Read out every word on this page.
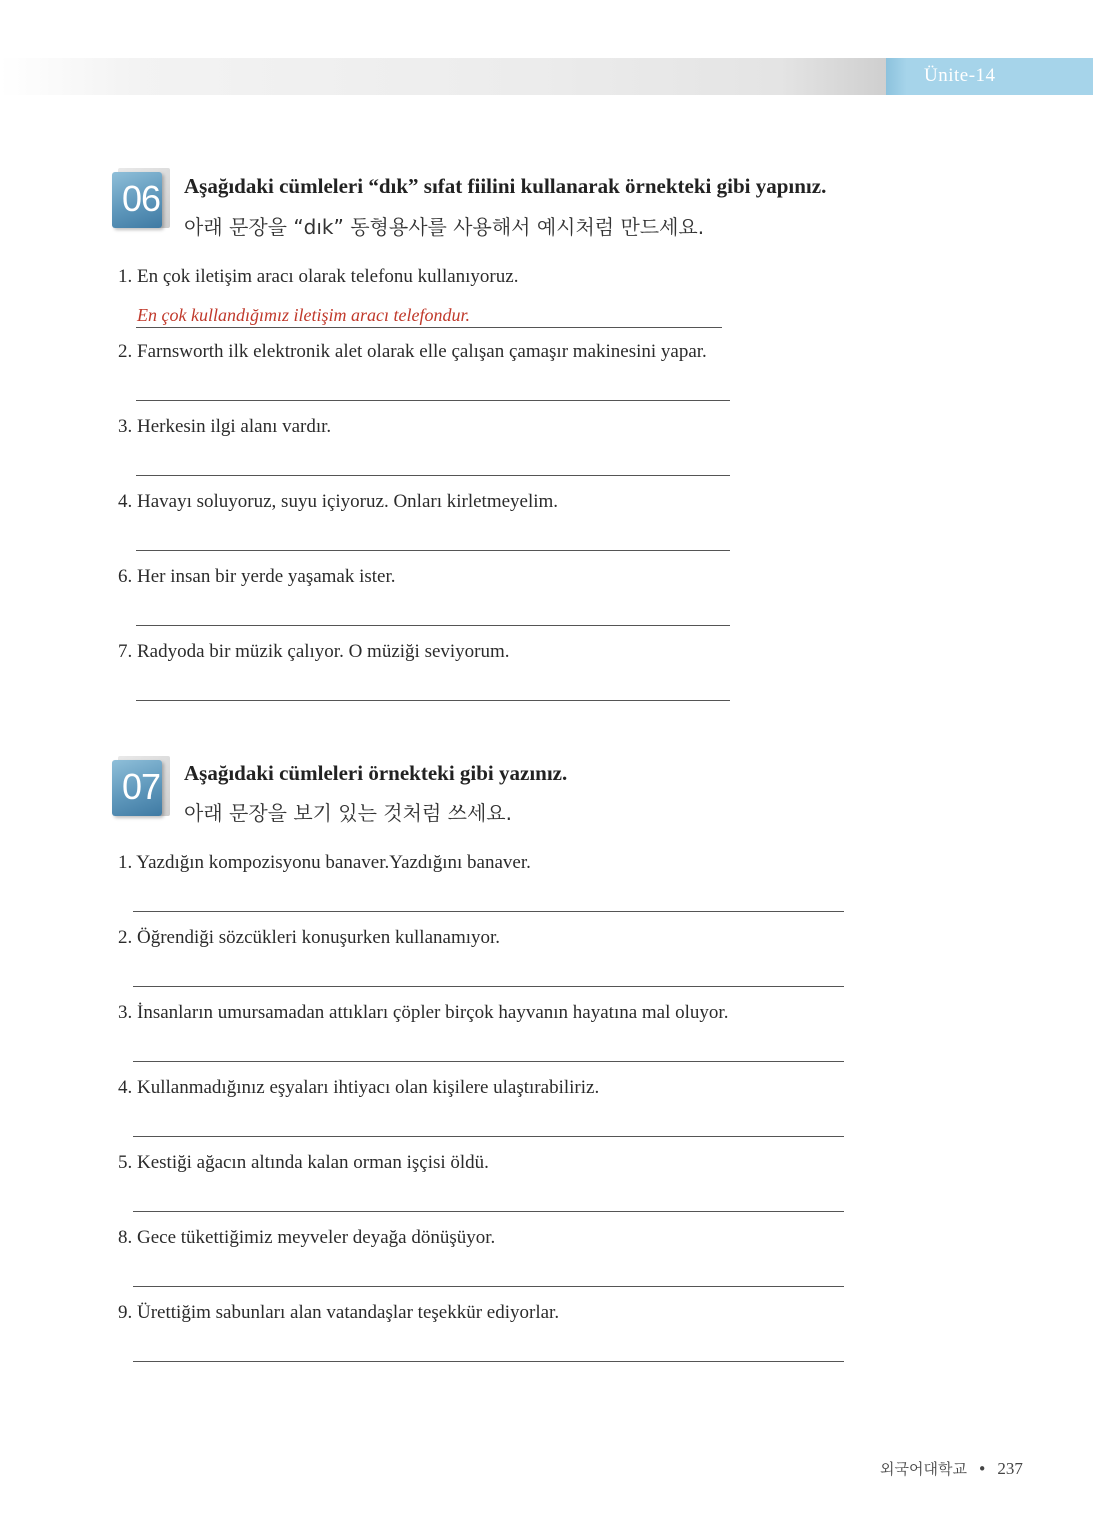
Ünite-14
06 Aşağıdaki cümleleri “dık” sıfat fiilini kullanarak örnekteki gibi yapınız.
아래 문장을 “dık” 동형용사를 사용해서 예시처럼 만드세요.
1. En çok iletişim aracı olarak telefonu kullanıyoruz.
En çok kullandığımız iletişim aracı telefondur.
2. Farnsworth ilk elektronik alet olarak elle çalışan çamaşır makinesini yapar.
3. Herkesin ilgi alanı vardır.
4. Havayı soluyoruz, suyu içiyoruz. Onları kirletmeyelim.
6. Her insan bir yerde yaşamak ister.
7. Radyoda bir müzik çalıyor. O müziği seviyorum.
07 Aşağıdaki cümleleri örnekteki gibi yazınız.
아래 문장을 보기 있는 것처럼 쓰세요.
1. Yazdığın kompozisyonu banaver.Yazdığını banaver.
2. Öğrendiği sözcükleri konuşurken kullanamıyor.
3. İnsanların umursamadan attıkları çöpler birçok hayvanın hayatına mal oluyor.
4. Kullanmadığınız eşyaları ihtiyacı olan kişilere ulaştırabiliriz.
5. Kestiği ağacın altında kalan orman işçisi öldü.
8. Gece tükettiğimiz meyveler deyağa dönüşüyor.
9. Ürettiğim sabunları alan vatandaşlar teşekkür ediyorlar.
외국어대학교 • 237
